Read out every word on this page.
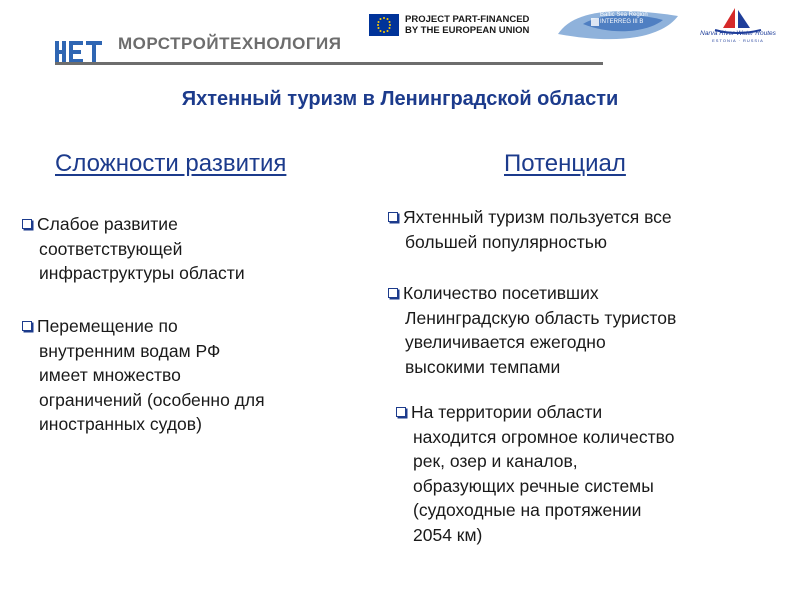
МОРСТРОЙТЕХНОЛОГИЯ
PROJECT PART-FINANCED
BY THE EUROPEAN UNION
Baltic Sea Region
INTERREG III B
Narva River Water Routes
ESTONIA · RUSSIA
Яхтенный туризм в Ленинградской области
Сложности развития	Потенциал
Слабое развитие
соответствующей
инфраструктуры области
Перемещение по
внутренним водам РФ
имеет множество
ограничений (особенно для
иностранных судов)
Яхтенный туризм пользуется все
большей популярностью
Количество посетивших
Ленинградскую область туристов
увеличивается ежегодно
высокими темпами
На территории области
находится огромное количество
рек, озер и каналов,
образующих речные системы
(судоходные на протяжении
2054 км)
